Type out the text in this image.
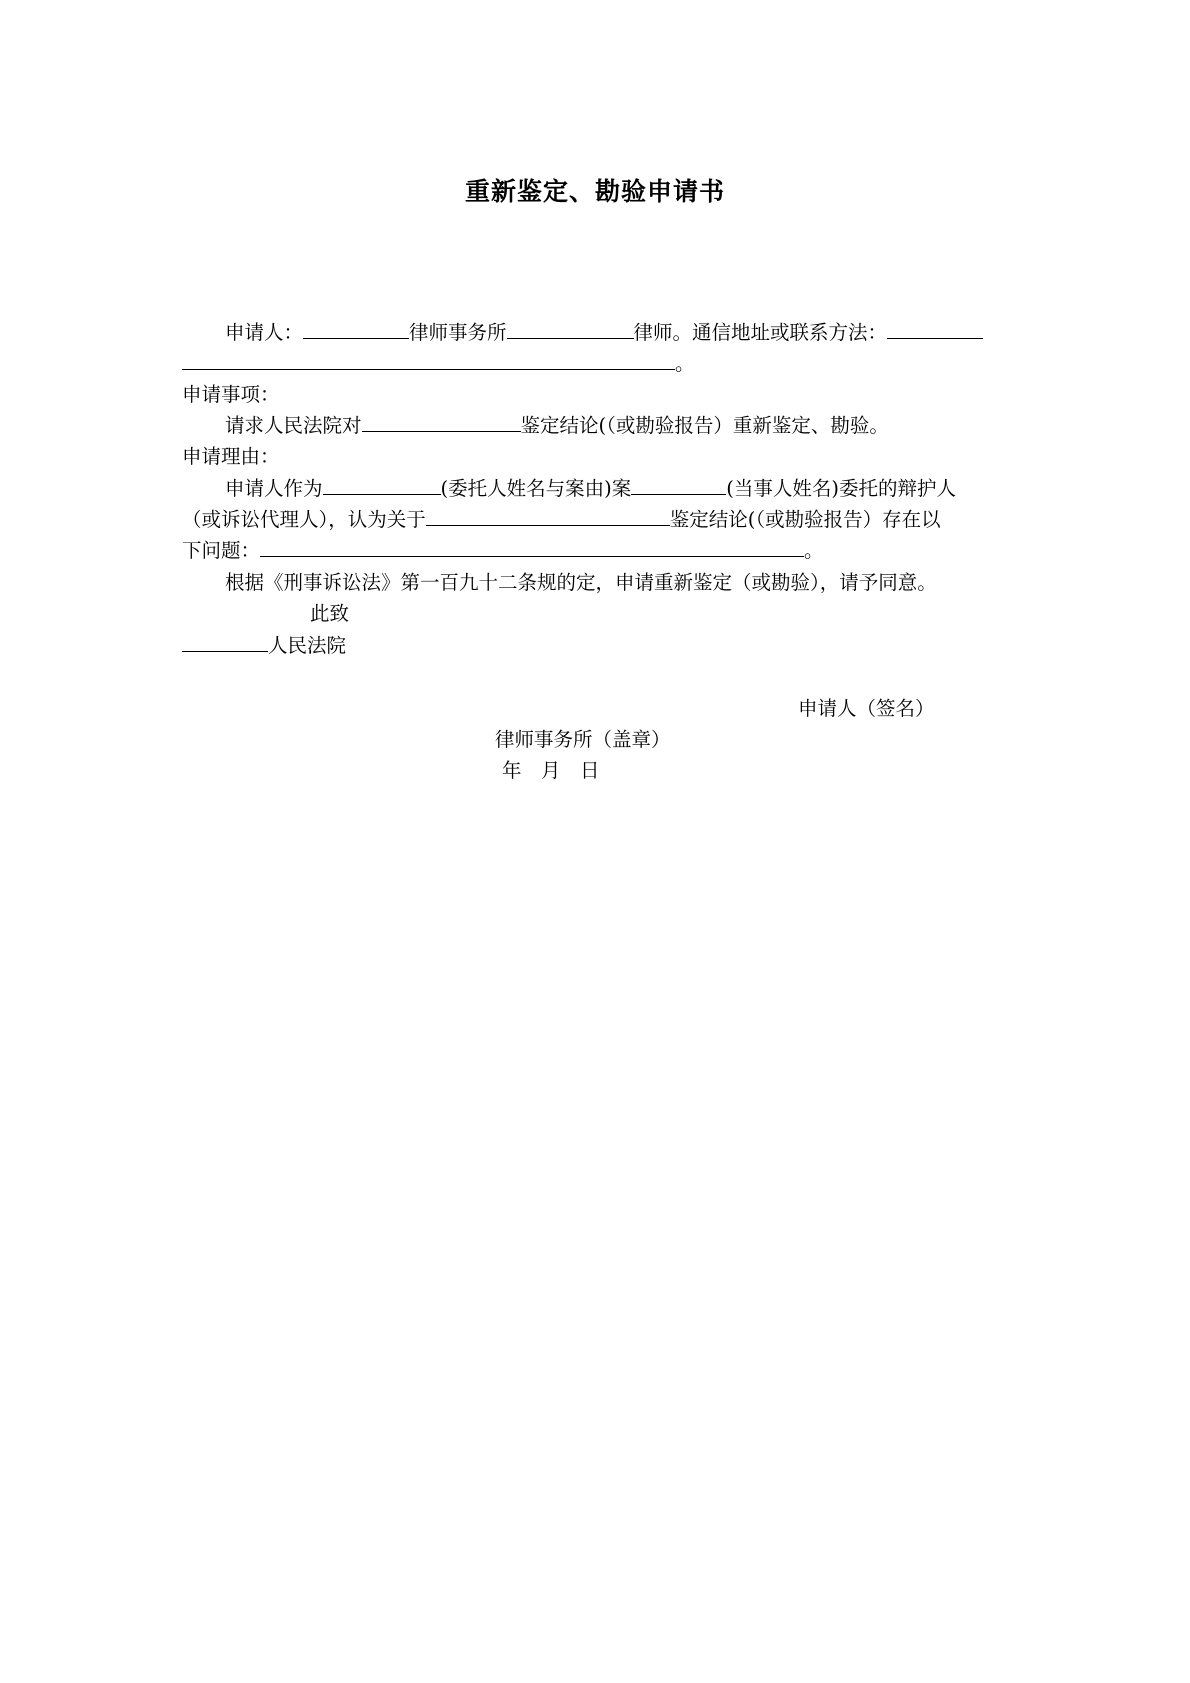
重新鉴定、勘验申请书
申请人：	律师事务所	律师。通信地址或联系方法：
。
申请事项：
请求人民法院对	鉴定结论(（或勘验报告）重新鉴定、勘验。
申请理由：
申请人作为	(委托人姓名与案由)案	(当事人姓名)委托的辩护人
（或诉讼代理人），认为关于	鉴定结论(（或勘验报告）存在以
下问题：	。
根据《刑事诉讼法》第一百九十二条规的定，申请重新鉴定（或勘验），请予同意。
此致
人民法院
申请人（签名）
律师事务所（盖章）
年　月　日
